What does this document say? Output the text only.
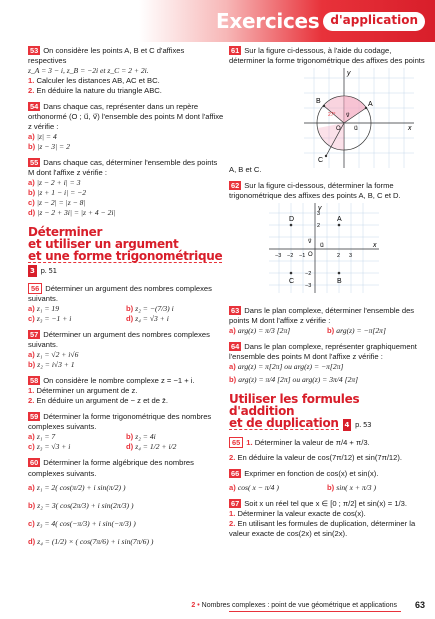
Exercices d'application
53 On considère les points A, B et C d'affixes respectives
z_A = 3 − i, z_B = −2i et z_C = 2 + 2i.
1. Calculer les distances AB, AC et BC.
2. En déduire la nature du triangle ABC.
54 Dans chaque cas, représenter dans un repère orthonormé (O ; u⃗, v⃗) l'ensemble des points M dont l'affixe z vérifie :
a) |z| = 4
b) |z − 3| = 2
55 Dans chaque cas, déterminer l'ensemble des points M dont l'affixe z vérifie :
a) |z − 2 + i| = 3
b) |z + 1 − i| = −2
c) |z − 2| = |z − 8|
d) |z − 2 + 3i| = |z + 4 − 2i|
Déterminer
et utiliser un argument
et une forme trigonométrique 3 p. 51
56 Déterminer un argument des nombres complexes suivants.
a) z₁ = 19	b) z₂ = −(7/3) i
c) z₃ = −1 + i	d) z₄ = √3 + i
57 Déterminer un argument des nombres complexes suivants.
a) z₁ = √2 + i√6
b) z₂ = i√3 + 1
58 On considère le nombre complexe z = −1 + i.
1. Déterminer un argument de z.
2. En déduire un argument de − z et de z̄.
59 Déterminer la forme trigonométrique des nombres complexes suivants.
a) z₁ = 7	b) z₂ = 4i
c) z₃ = √3 + i	d) z₄ = 1/2 + i/2
60 Déterminer la forme algébrique des nombres complexes suivants.
a) z₁ = 2( cos(π/2) + i sin(π/2) )
b) z₂ = 3( cos(2π/3) + i sin(2π/3) )
c) z₃ = 4( cos(−π/3) + i sin(−π/3) )
d) z₄ = (1/2) × ( cos(7π/6) + i sin(7π/6) )
61 Sur la figure ci-dessous, à l'aide du codage, déterminer la forme trigonométrique des affixes des points A, B et C.
A
B
C
O	x
y
u⃗
v⃗
27°
62 Sur la figure ci-dessous, déterminer la forme trigonométrique des affixes des points A, B, C et D.
A
B
C
D
O
x
y
u⃗
v⃗
−3 −2 −1	2 3
3
2
−2
−3
63 Dans le plan complexe, déterminer l'ensemble des points M dont l'affixe z vérifie :
a) arg(z) = π/3 [2π]	b) arg(z) = −π[2π]
64 Dans le plan complexe, représenter graphiquement l'ensemble des points M dont l'affixe z vérifie :
a) arg(z) = π[2π] ou arg(z) = −π[2π]
b) arg(z) = π/4 [2π] ou arg(z) = 3π/4 [2π]
Utiliser les formules d'addition
et de duplication 4 p. 53
65 1. Déterminer la valeur de π/4 + π/3.
2. En déduire la valeur de cos(7π/12) et sin(7π/12).
66 Exprimer en fonction de cos(x) et sin(x).
a) cos( x − π/4 )	b) sin( x + π/3 )
67 Soit x un réel tel que x ∈ [0 ; π/2] et sin(x) = 1/3.
1. Déterminer la valeur exacte de cos(x).
2. En utilisant les formules de duplication, déterminer la valeur exacte de cos(2x) et sin(2x).
2 • Nombres complexes : point de vue géométrique et applications 63
